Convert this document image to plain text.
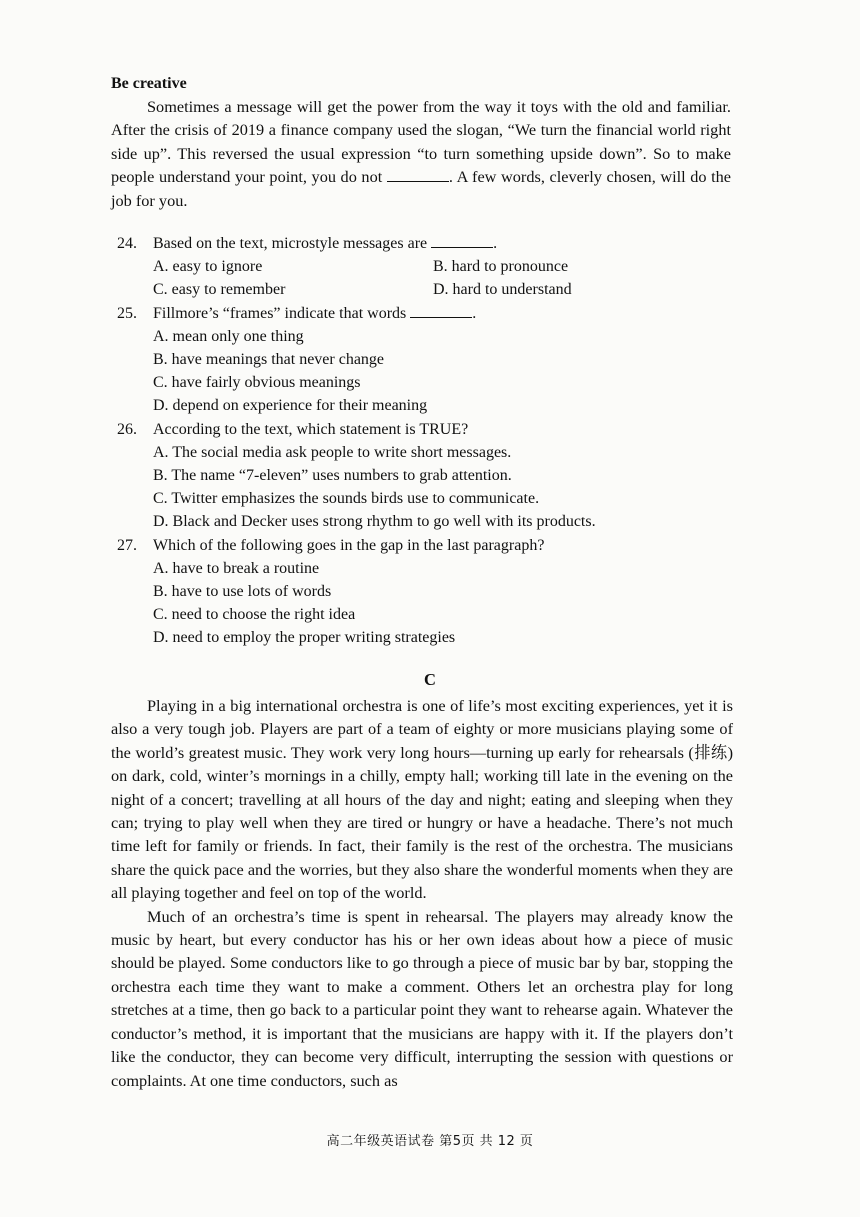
Be creative

Sometimes a message will get the power from the way it toys with the old and familiar. After the crisis of 2019 a finance company used the slogan, “We turn the financial world right side up”. This reversed the usual expression “to turn something upside down”. So to make people understand your point, you do not	. A few words, cleverly chosen, will do the job for you.

24.	Based on the text, microstyle messages are	.
A. easy to ignore	B. hard to pronounce
C. easy to remember	D. hard to understand
25.	Fillmore’s “frames” indicate that words	.
A. mean only one thing
B. have meanings that never change
C. have fairly obvious meanings
D. depend on experience for their meaning
26.	According to the text, which statement is TRUE?
A. The social media ask people to write short messages.
B. The name “7-eleven” uses numbers to grab attention.
C. Twitter emphasizes the sounds birds use to communicate.
D. Black and Decker uses strong rhythm to go well with its products.
27.	Which of the following goes in the gap in the last paragraph?
A. have to break a routine
B. have to use lots of words
C. need to choose the right idea
D. need to employ the proper writing strategies
C

Playing in a big international orchestra is one of life’s most exciting experiences, yet it is also a very tough job. Players are part of a team of eighty or more musicians playing some of the world’s greatest music. They work very long hours—turning up early for rehearsals (排练) on dark, cold, winter’s mornings in a chilly, empty hall; working till late in the evening on the night of a concert; travelling at all hours of the day and night; eating and sleeping when they can; trying to play well when they are tired or hungry or have a headache. There’s not much time left for family or friends. In fact, their family is the rest of the orchestra. The musicians share the quick pace and the worries, but they also share the wonderful moments when they are all playing together and feel on top of the world.

Much of an orchestra’s time is spent in rehearsal. The players may already know the music by heart, but every conductor has his or her own ideas about how a piece of music should be played. Some conductors like to go through a piece of music bar by bar, stopping the orchestra each time they want to make a comment. Others let an orchestra play for long stretches at a time, then go back to a particular point they want to rehearse again. Whatever the conductor’s method, it is important that the musicians are happy with it. If the players don’t like the conductor, they can become very difficult, interrupting the session with questions or complaints. At one time conductors, such as

高二年级英语试卷 第5页 共 12 页
